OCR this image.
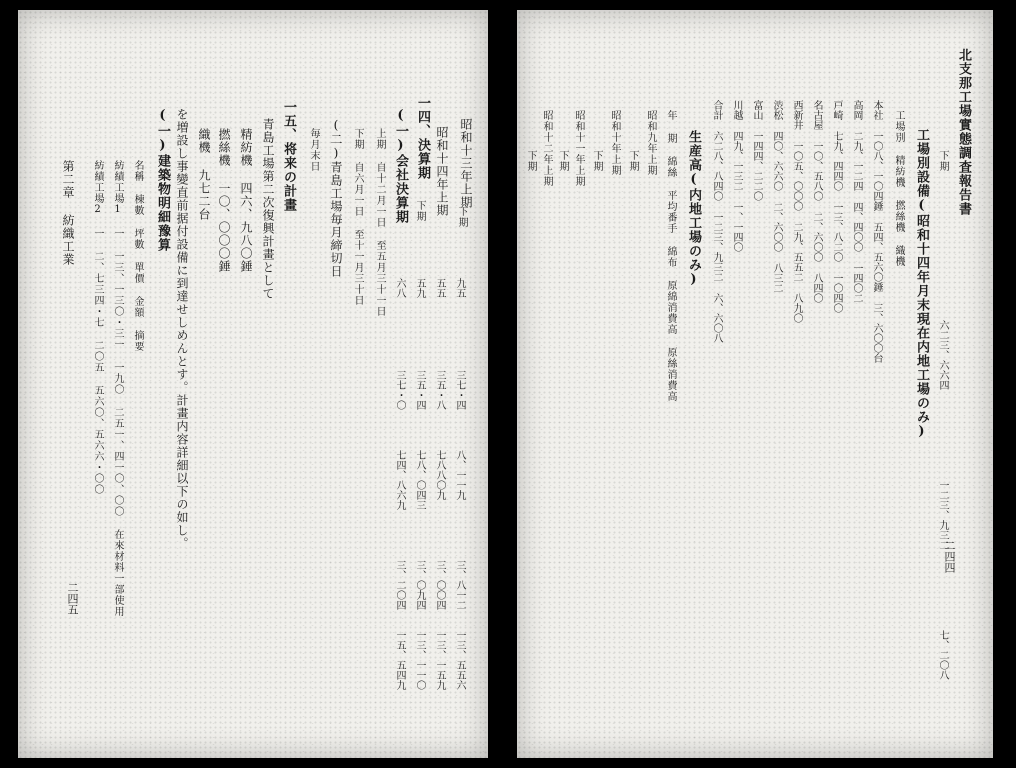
二四五
第二章 紡織工業 紡績工場2 一 二、七三四・七 二〇五 五六〇、五六六・〇〇 紡績工場1 一 一三、一三〇・三一 一九〇 二五一、四一〇、〇〇 在來材料一部使用 名稱 棟數 坪數 單價 金額 摘要 (一)建築物明細豫算 を増設し事變直前据付設備に到達せしめんとす。計畫内容詳細以下の如し。 織機 九七二台 撚絲機 一〇、〇〇〇錘 精紡機 四六、九八〇錘 青島工場第二次復興計畫として 一五、将来の計畫 毎月末日 (二)青島工場毎月締切日 下期 自六月一日 至十一月三十日 上期 自十二月一日 至五月三十一日 (一)会社決算期 一四、決算期
下期 昭和十四年上期 下期
昭和十三年上期
九五
五五
五九
六八
三七・四
三五・八
三五・四
三七・〇
八、一一九
七八八〇九
七八、〇四三
七四、八六九
三、八一二
三、〇〇四
三、〇九四
三、二〇四
一三、五五六
一三、一五九
一三、一一〇
一五、五四九
北支那工場實態調査報告書
下期
六二三、六六四
一二三、九三二
七、二〇八
二四四
工場別設備(昭和十四年月末現在内地工場のみ)
工場別 精紡機 撚絲機 織機
本社 一〇八、一〇四錘 五四、五六〇錘 三、六〇〇台
高岡 二九、一二四 四、四〇〇 一四〇二
戸崎 七九、四四〇 一三、八二〇 一〇四〇
名古屋 一〇、五八〇 二、六〇〇 八四〇
西新井 一〇五、〇〇〇 二九、五五二 八九〇
渋松 四〇、六六〇 二、六〇〇 八三二
富山 一四四、二二〇
川越 四九、一三二 一、一四〇
合計 六二八、八四〇 一二三、九三二 六、六〇八
生産高(内地工場のみ)
年 期 綿絲 平均番手 綿布 原綿消費高 原絲消費高
昭和九年上期
下期
昭和十年上期
下期
昭和十一年上期
下期
昭和十二年上期
下期
